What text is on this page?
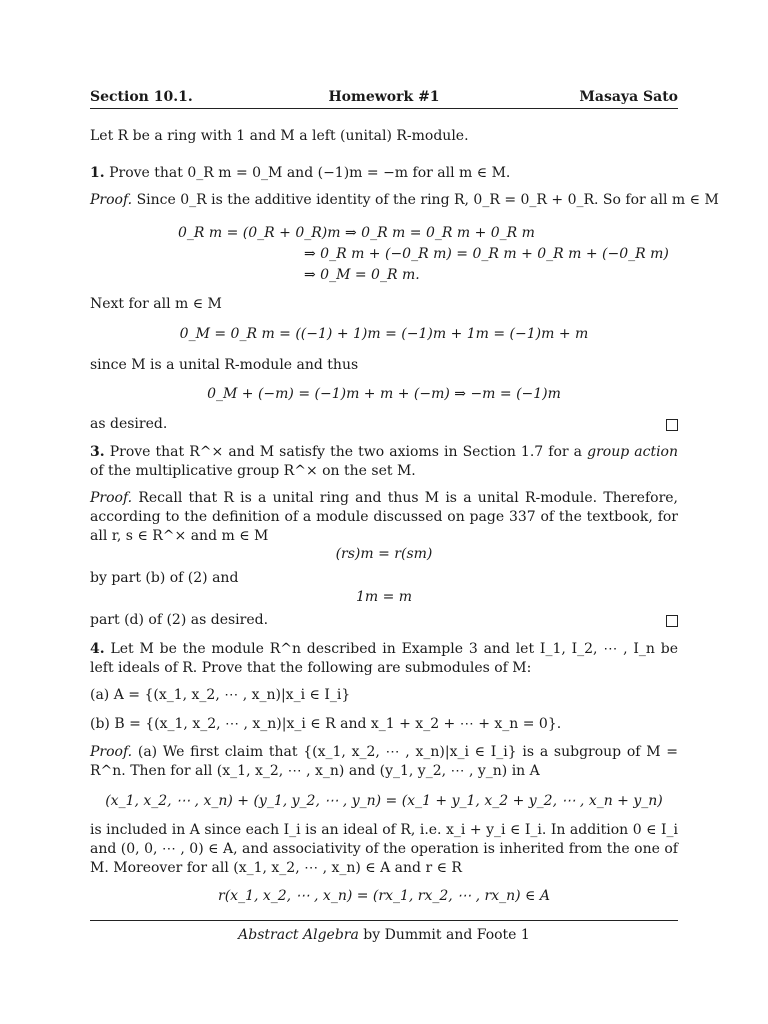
Section 10.1.	Homework #1	Masaya Sato
Let R be a ring with 1 and M a left (unital) R-module.
1. Prove that 0_R m = 0_M and (−1)m = −m for all m ∈ M.
Proof. Since 0_R is the additive identity of the ring R, 0_R = 0_R + 0_R. So for all m ∈ M
0_R m = (0_R + 0_R)m ⇒ 0_R m = 0_R m + 0_R m
⇒ 0_R m + (−0_R m) = 0_R m + 0_R m + (−0_R m)
⇒ 0_M = 0_R m.
Next for all m ∈ M
0_M = 0_R m = ((−1) + 1)m = (−1)m + 1m = (−1)m + m
since M is a unital R-module and thus
0_M + (−m) = (−1)m + m + (−m) ⇒ −m = (−1)m
as desired.
3. Prove that R^× and M satisfy the two axioms in Section 1.7 for a group action of the multiplicative group R^× on the set M.
Proof. Recall that R is a unital ring and thus M is a unital R-module. Therefore, according to the definition of a module discussed on page 337 of the textbook, for all r, s ∈ R^× and m ∈ M
(rs)m = r(sm)
by part (b) of (2) and
1m = m
part (d) of (2) as desired.
4. Let M be the module R^n described in Example 3 and let I_1, I_2, ⋯ , I_n be left ideals of R. Prove that the following are submodules of M:
(a) A = {(x_1, x_2, ⋯ , x_n)|x_i ∈ I_i}
(b) B = {(x_1, x_2, ⋯ , x_n)|x_i ∈ R and x_1 + x_2 + ⋯ + x_n = 0}.
Proof. (a) We first claim that {(x_1, x_2, ⋯ , x_n)|x_i ∈ I_i} is a subgroup of M = R^n. Then for all (x_1, x_2, ⋯ , x_n) and (y_1, y_2, ⋯ , y_n) in A
(x_1, x_2, ⋯ , x_n) + (y_1, y_2, ⋯ , y_n) = (x_1 + y_1, x_2 + y_2, ⋯ , x_n + y_n)
is included in A since each I_i is an ideal of R, i.e. x_i + y_i ∈ I_i. In addition 0 ∈ I_i and (0, 0, ⋯ , 0) ∈ A, and associativity of the operation is inherited from the one of M. Moreover for all (x_1, x_2, ⋯ , x_n) ∈ A and r ∈ R
r(x_1, x_2, ⋯ , x_n) = (rx_1, rx_2, ⋯ , rx_n) ∈ A
Abstract Algebra by Dummit and Foote 1
